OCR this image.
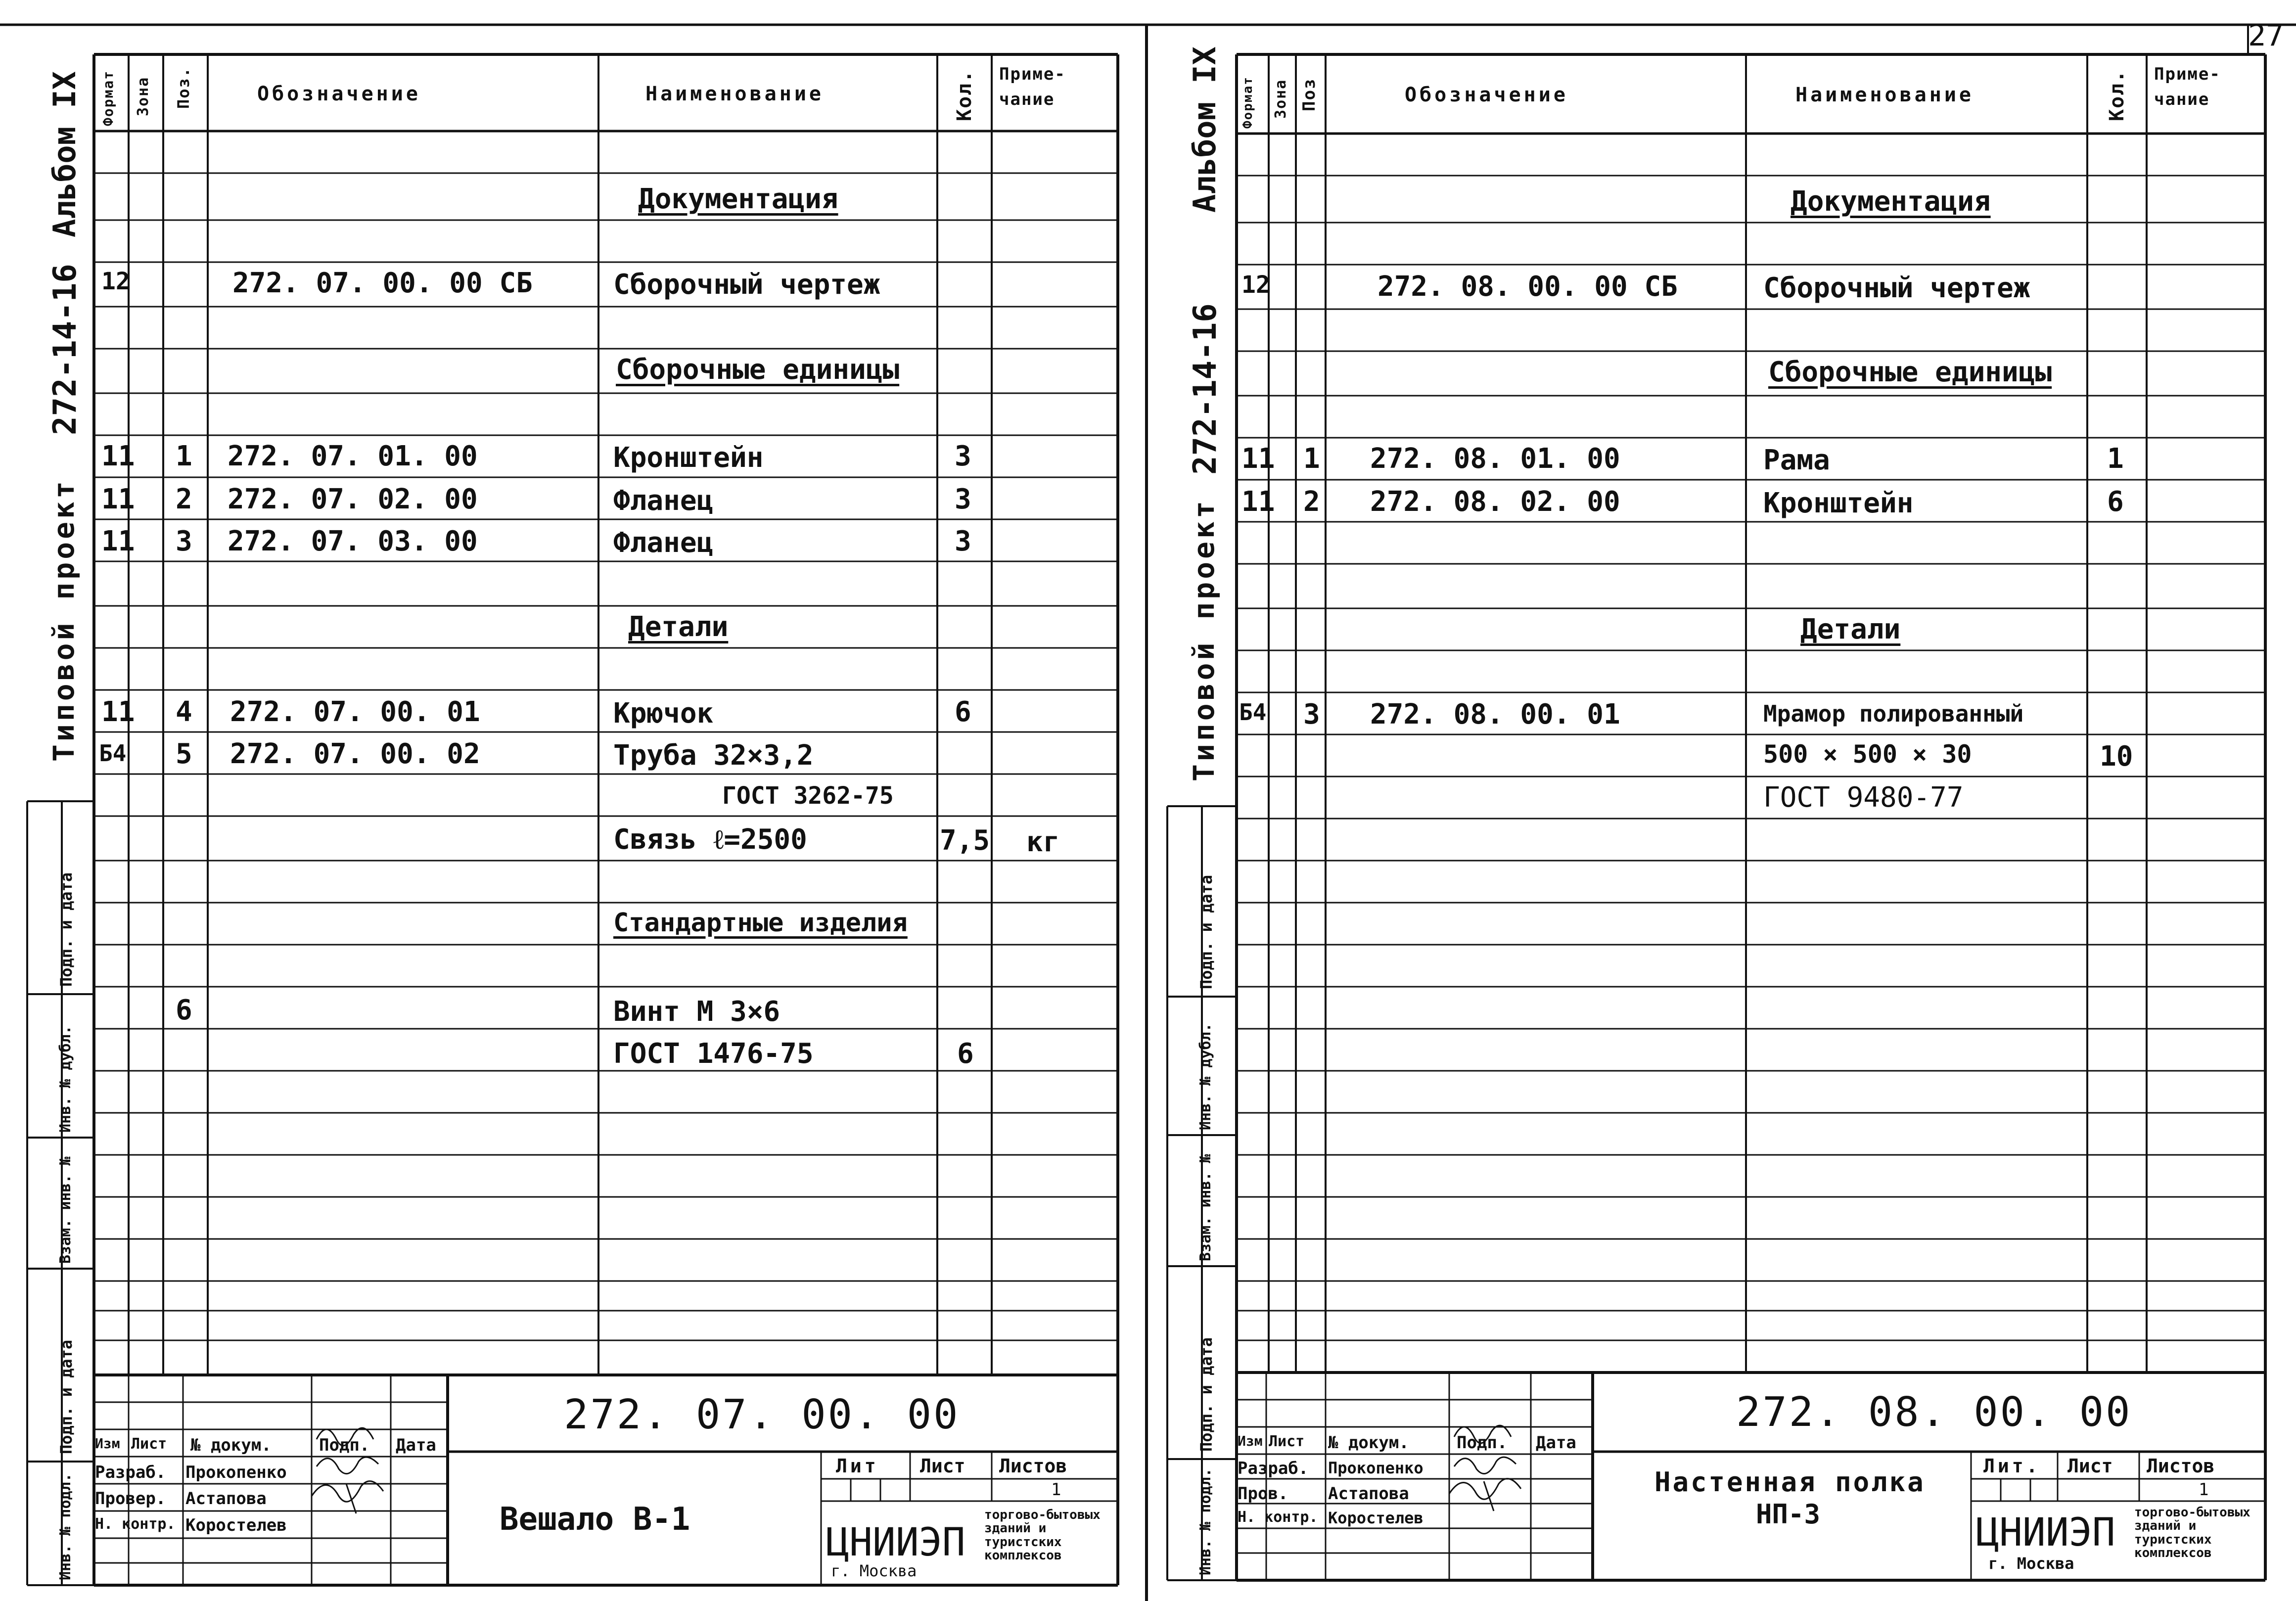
27
Альбом IX
272-14-16
Типовой проект
Подп. и дата
Инв. № дубл.
Взам. инв. №
Подп. и дата
Инв. № подл.
Формат Зона Поз.	Обозначение	Наименование	Кол. Приме-чание
Документация
Сборочные единицы
Детали
Стандартные изделия
12	272. 07. 00. 00 СБ	Сборочный чертеж
11 1 272. 07. 01. 00	Кронштейн	3
11 2 272. 07. 02. 00	Фланец	3
11 3 272. 07. 03. 00	Фланец	3
11 4 272. 07. 00. 01	Крючок	6
Б4 5 272. 07. 00. 02	Труба 32×3,2
ГОСТ 3262-75
Связь ℓ=2500	7,5 кг
6	Винт М 3×6
ГОСТ 1476-75	6
272. 07. 00. 00
Изм Лист № докум.	Подп. Дата
Разраб. Прокопенко
Провер. Астапова
Н. контр. Коростелев	Вешало В-1
Лит Лист Листов
1
ЦНИИЭП
г. Москва
торгово-бытовых зданий и туристских комплексов
Альбом IX
272-14-16
Типовой проект
Подп. и дата
Инв. № дубл.
Взам. инв. №
Подп. и дата
Инв. № подл.
Формат Зона Поз	Обозначение	Наименование	Кол. Приме-чание
Документация
Сборочные единицы
Детали
12	272. 08. 00. 00 СБ	Сборочный чертеж
11 1 272. 08. 01. 00	Рама	1
11 2 272. 08. 02. 00	Кронштейн	6
Б4 3 272. 08. 00. 01	Мрамор полированный
500 × 500 × 30	10
ГОСТ 9480-77
272. 08. 00. 00
Изм Лист № докум.	Подп. Дата
Разраб. Прокопенко
Пров. Астапова
Н. контр. Коростелев
Настенная полка
НП-3
Лит. Лист Листов
1
ЦНИИЭП
г. Москва
торгово-бытовых зданий и туристских комплексов
